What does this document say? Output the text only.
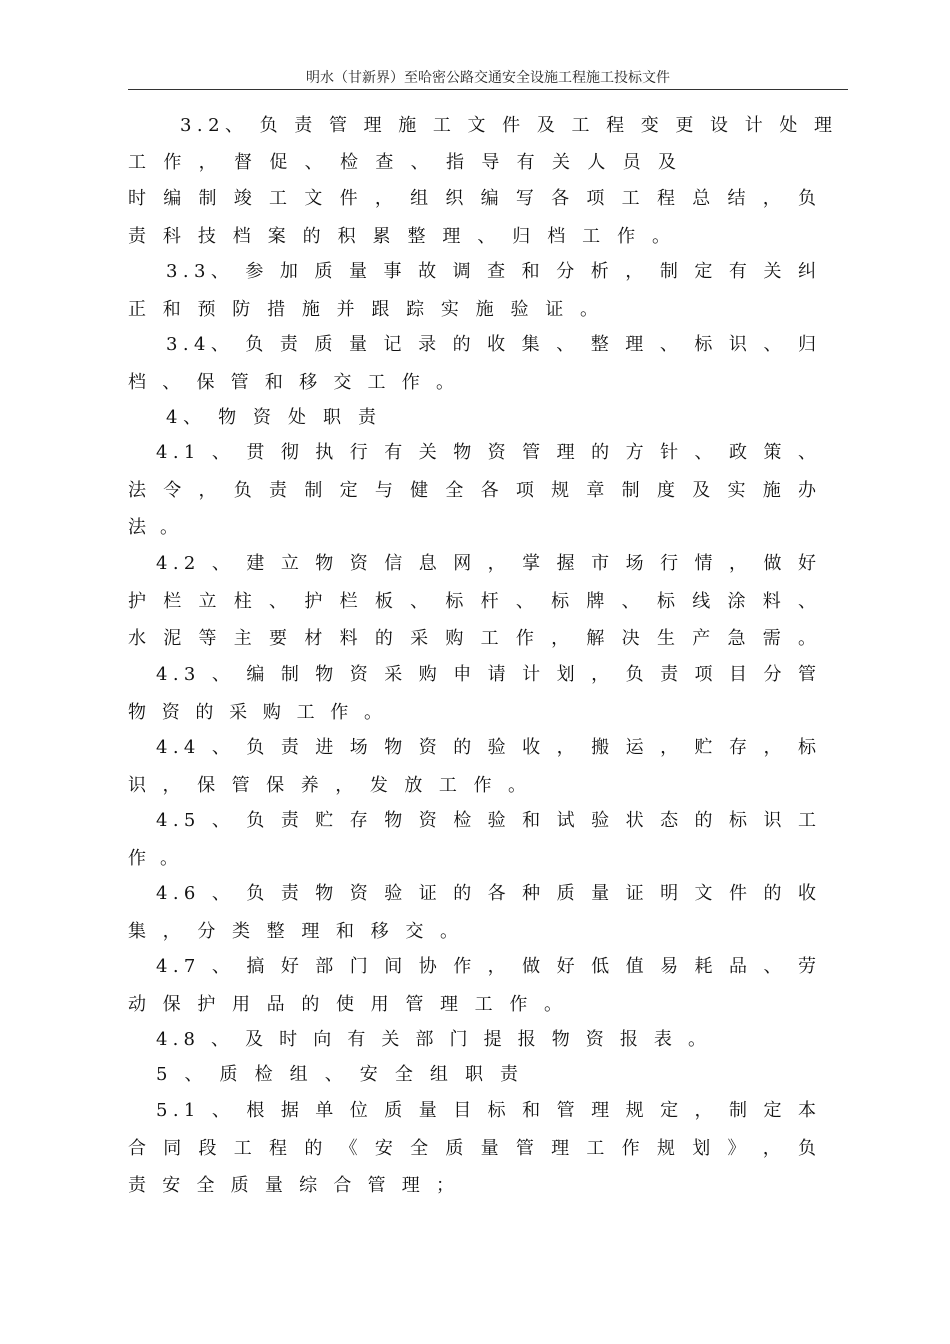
明水（甘新界）至哈密公路交通安全设施工程施工投标文件
3.2、 负 责 管 理 施 工 文 件 及 工 程 变 更 设 计 处 理
工 作 ， 督 促 、 检 查 、 指 导 有 关 人 员 及
时 编 制 竣 工 文 件 ， 组 织 编 写 各 项 工 程 总 结 ， 负
责 科 技 档 案 的 积 累 整 理 、 归 档 工 作 。
3.3、 参 加 质 量 事 故 调 查 和 分 析 ， 制 定 有 关 纠
正 和 预 防 措 施 并 跟 踪 实 施 验 证 。
3.4、 负 责 质 量 记 录 的 收 集 、 整 理 、 标 识 、 归
档 、 保 管 和 移 交 工 作 。
4、 物 资 处 职 责
4.1 、 贯 彻 执 行 有 关 物 资 管 理 的 方 针 、 政 策 、
法 令 ， 负 责 制 定 与 健 全 各 项 规 章 制 度 及 实 施 办
法 。
4.2 、 建 立 物 资 信 息 网 ， 掌 握 市 场 行 情 ， 做 好
护 栏 立 柱 、 护 栏 板 、 标 杆 、 标 牌 、 标 线 涂 料 、
水 泥 等 主 要 材 料 的 采 购 工 作 ， 解 决 生 产 急 需 。
4.3 、 编 制 物 资 采 购 申 请 计 划 ， 负 责 项 目 分 管
物 资 的 采 购 工 作 。
4.4 、 负 责 进 场 物 资 的 验 收 ， 搬 运 ， 贮 存 ， 标
识 ， 保 管 保 养 ， 发 放 工 作 。
4.5 、 负 责 贮 存 物 资 检 验 和 试 验 状 态 的 标 识 工
作 。
4.6 、 负 责 物 资 验 证 的 各 种 质 量 证 明 文 件 的 收
集 ， 分 类 整 理 和 移 交 。
4.7 、 搞 好 部 门 间 协 作 ， 做 好 低 值 易 耗 品 、 劳
动 保 护 用 品 的 使 用 管 理 工 作 。
4.8 、 及 时 向 有 关 部 门 提 报 物 资 报 表 。
5 、 质 检 组 、 安 全 组 职 责
5.1 、 根 据 单 位 质 量 目 标 和 管 理 规 定 ， 制 定 本
合 同 段 工 程 的 《 安 全 质 量 管 理 工 作 规 划 》 ， 负
责 安 全 质 量 综 合 管 理 ；
